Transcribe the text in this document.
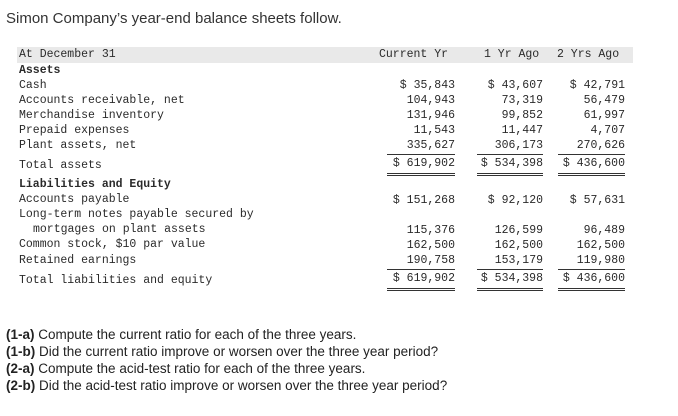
Simon Company’s year-end balance sheets follow.
At December 31	Current Yr	1 Yr Ago 2 Yrs Ago
Assets
Cash	$ 35,843	$ 43,607 $ 42,791
Accounts receivable, net	104,943	73,319	56,479
Merchandise inventory	131,946	99,852	61,997
Prepaid expenses	11,543	11,447	4,707
Plant assets, net	335,627	306,173	270,626
Total assets	$ 619,902 $ 534,398 $ 436,600
Liabilities and Equity
Accounts payable	$ 151,268	$ 92,120 $ 57,631
Long-term notes payable secured by
mortgages on plant assets	115,376	126,599	96,489
Common stock, $10 par value	162,500	162,500	162,500
Retained earnings	190,758	153,179	119,980
Total liabilities and equity	$ 619,902 $ 534,398 $ 436,600
(1-a) Compute the current ratio for each of the three years.
(1-b) Did the current ratio improve or worsen over the three year period?
(2-a) Compute the acid-test ratio for each of the three years.
(2-b) Did the acid-test ratio improve or worsen over the three year period?
